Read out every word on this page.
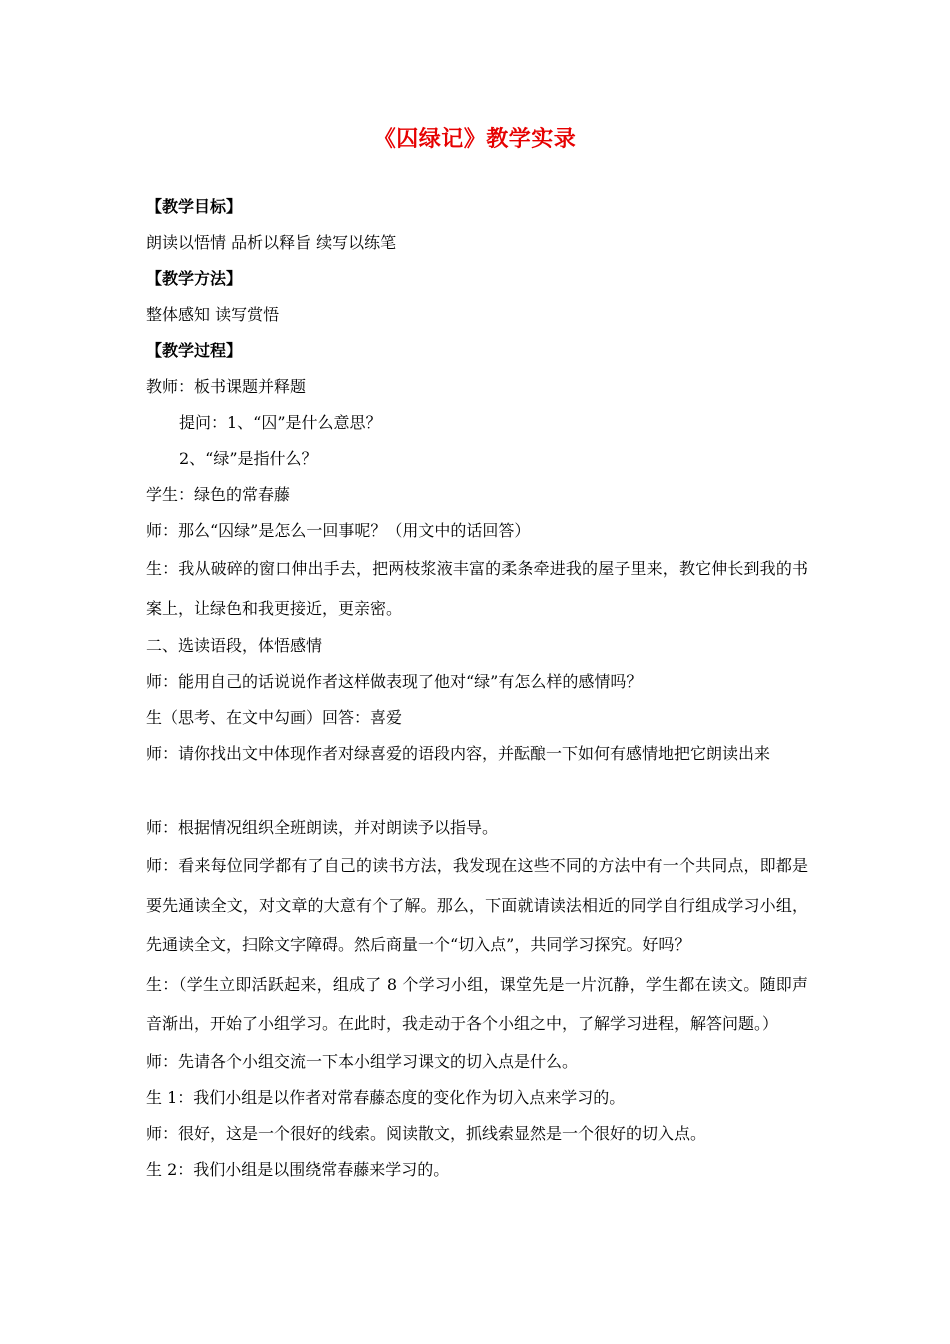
《囚绿记》教学实录

【教学目标】

朗读以悟情 品析以释旨 续写以练笔

【教学方法】

整体感知 读写赏悟

【教学过程】

教师：板书课题并释题

提问：1、“囚”是什么意思？

2、“绿”是指什么？

学生：绿色的常春藤

师：那么“囚绿”是怎么一回事呢？（用文中的话回答）

生：我从破碎的窗口伸出手去，把两枝浆液丰富的柔条牵进我的屋子里来，教它伸长到我的书案上，让绿色和我更接近，更亲密。

二、选读语段，体悟感情

师：能用自己的话说说作者这样做表现了他对“绿”有怎么样的感情吗？

生（思考、在文中勾画）回答：喜爱

师：请你找出文中体现作者对绿喜爱的语段内容，并酝酿一下如何有感情地把它朗读出来

师：根据情况组织全班朗读，并对朗读予以指导。

师：看来每位同学都有了自己的读书方法，我发现在这些不同的方法中有一个共同点，即都是要先通读全文，对文章的大意有个了解。那么，下面就请读法相近的同学自行组成学习小组，先通读全文，扫除文字障碍。然后商量一个“切入点”，共同学习探究。好吗？

生：（学生立即活跃起来，组成了 8 个学习小组，课堂先是一片沉静，学生都在读文。随即声音渐出，开始了小组学习。在此时，我走动于各个小组之中，了解学习进程，解答问题。）

师：先请各个小组交流一下本小组学习课文的切入点是什么。

生 1：我们小组是以作者对常春藤态度的变化作为切入点来学习的。

师：很好，这是一个很好的线索。阅读散文，抓线索显然是一个很好的切入点。

生 2：我们小组是以围绕常春藤来学习的。
